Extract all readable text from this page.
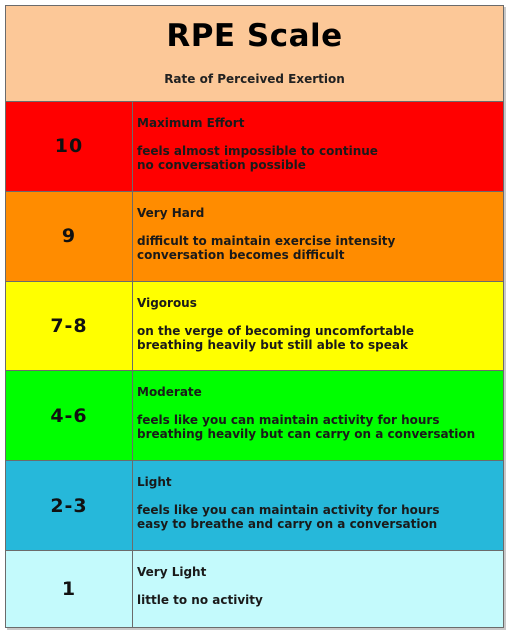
RPE Scale
Rate of Perceived Exertion
10
Maximum Effort
feels almost impossible to continue
no conversation possible
9
Very Hard
difficult to maintain exercise intensity
conversation becomes difficult
7-8
Vigorous
on the verge of becoming uncomfortable
breathing heavily but still able to speak
4-6
Moderate
feels like you can maintain activity for hours
breathing heavily but can carry on a conversation
2-3
Light
feels like you can maintain activity for hours
easy to breathe and carry on a conversation
1
Very Light
little to no activity
